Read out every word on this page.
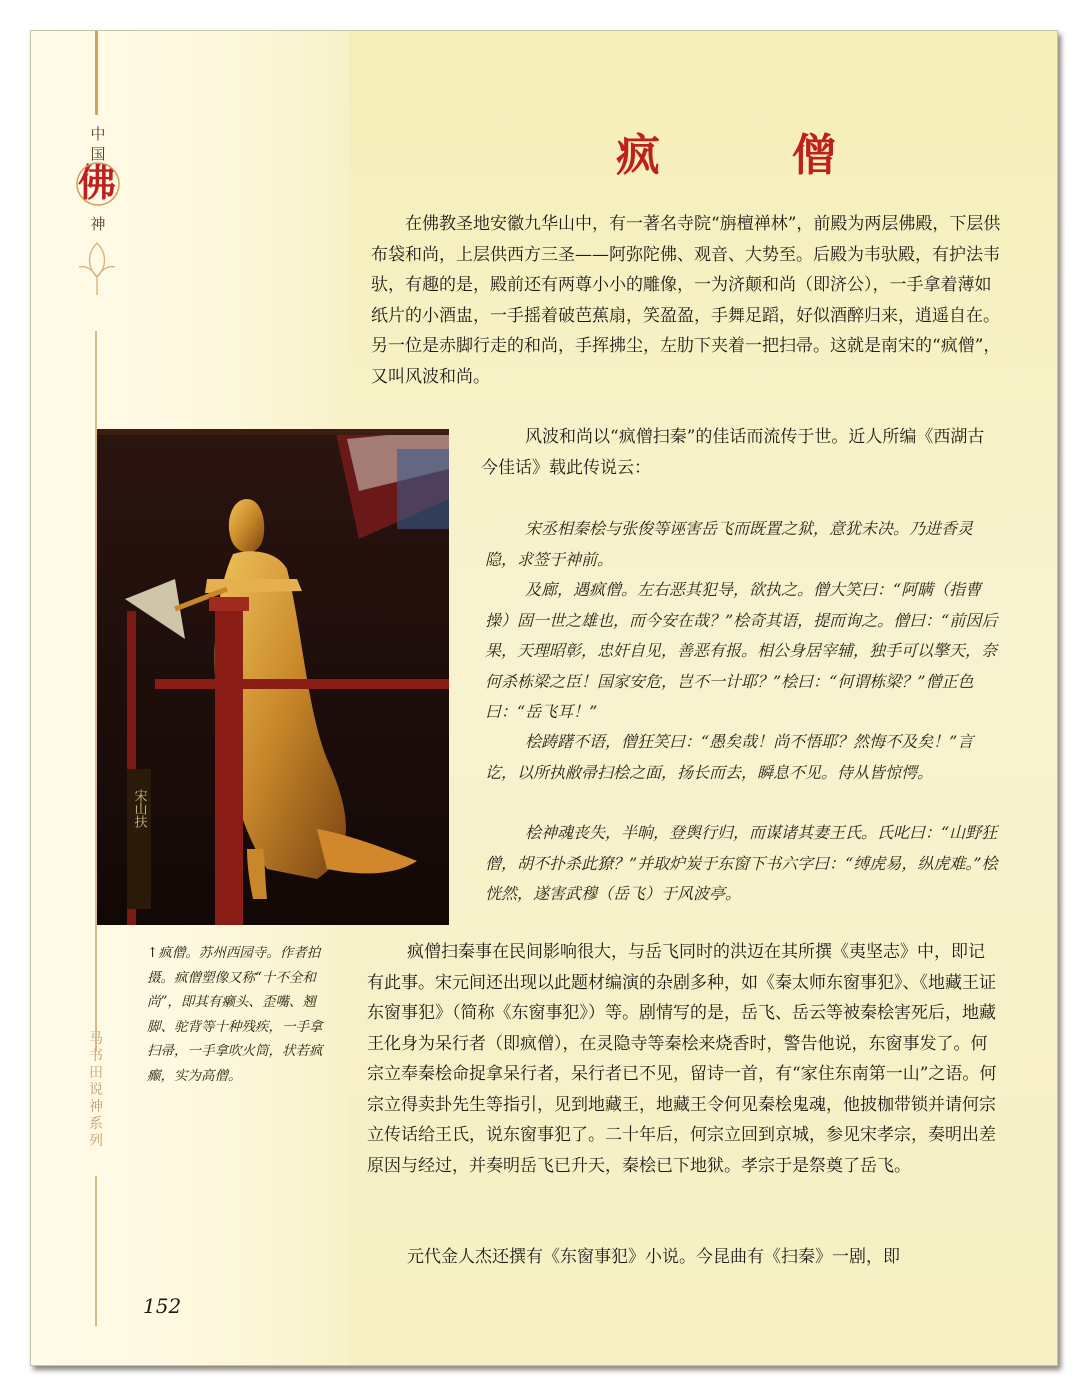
中
国
佛
神
马书田说神系列
疯　僧

在佛教圣地安徽九华山中，有一著名寺院“旃檀禅林”，前殿为两层佛殿，下层供布袋和尚，上层供西方三圣——阿弥陀佛、观音、大势至。后殿为韦驮殿，有护法韦驮，有趣的是，殿前还有两尊小小的雕像，一为济颠和尚（即济公），一手拿着薄如纸片的小酒盅，一手摇着破芭蕉扇，笑盈盈，手舞足蹈，好似酒醉归来，逍遥自在。另一位是赤脚行走的和尚，手挥拂尘，左肋下夹着一把扫帚。这就是南宋的“疯僧”，又叫风波和尚。

风波和尚以“疯僧扫秦”的佳话而流传于世。近人所编《西湖古今佳话》载此传说云：

宋丞相秦桧与张俊等诬害岳飞而既置之狱，意犹未决。乃进香灵隐，求签于神前。

及廊，遇疯僧。左右恶其犯导，欲执之。僧大笑曰：“阿瞒（指曹操）固一世之雄也，而今安在哉？”桧奇其语，提而询之。僧曰：“前因后果，天理昭彰，忠奸自见，善恶有报。相公身居宰辅，独手可以擎天，奈何杀栋梁之臣！国家安危，岂不一计耶？”桧曰：“何谓栋梁？”僧正色曰：“岳飞耳！”

桧踌躇不语，僧狂笑曰：“愚矣哉！尚不悟耶？然悔不及矣！”言讫，以所执敝帚扫桧之面，扬长而去，瞬息不见。侍从皆惊愕。

桧神魂丧失，半晌，登舆行归，而谋诸其妻王氏。氏叱曰：“山野狂僧，胡不扑杀此獠？”并取炉炭于东窗下书六字曰：“缚虎易，纵虎难。”桧恍然，遂害武穆（岳飞）于风波亭。

宋山扶

↑疯僧。苏州西园寺。作者拍摄。疯僧塑像又称“十不全和尚”，即其有癞头、歪嘴、翘脚、驼背等十种残疾，一手拿扫帚，一手拿吹火筒，状若疯癫，实为高僧。

疯僧扫秦事在民间影响很大，与岳飞同时的洪迈在其所撰《夷坚志》中，即记有此事。宋元间还出现以此题材编演的杂剧多种，如《秦太师东窗事犯》、《地藏王证东窗事犯》（简称《东窗事犯》）等。剧情写的是，岳飞、岳云等被秦桧害死后，地藏王化身为呆行者（即疯僧），在灵隐寺等秦桧来烧香时，警告他说，东窗事发了。何宗立奉秦桧命捉拿呆行者，呆行者已不见，留诗一首，有“家住东南第一山”之语。何宗立得卖卦先生等指引，见到地藏王，地藏王令何见秦桧鬼魂，他披枷带锁并请何宗立传话给王氏，说东窗事犯了。二十年后，何宗立回到京城，参见宋孝宗，奏明出差原因与经过，并奏明岳飞已升天，秦桧已下地狱。孝宗于是祭奠了岳飞。

元代金人杰还撰有《东窗事犯》小说。今昆曲有《扫秦》一剧，即

152
